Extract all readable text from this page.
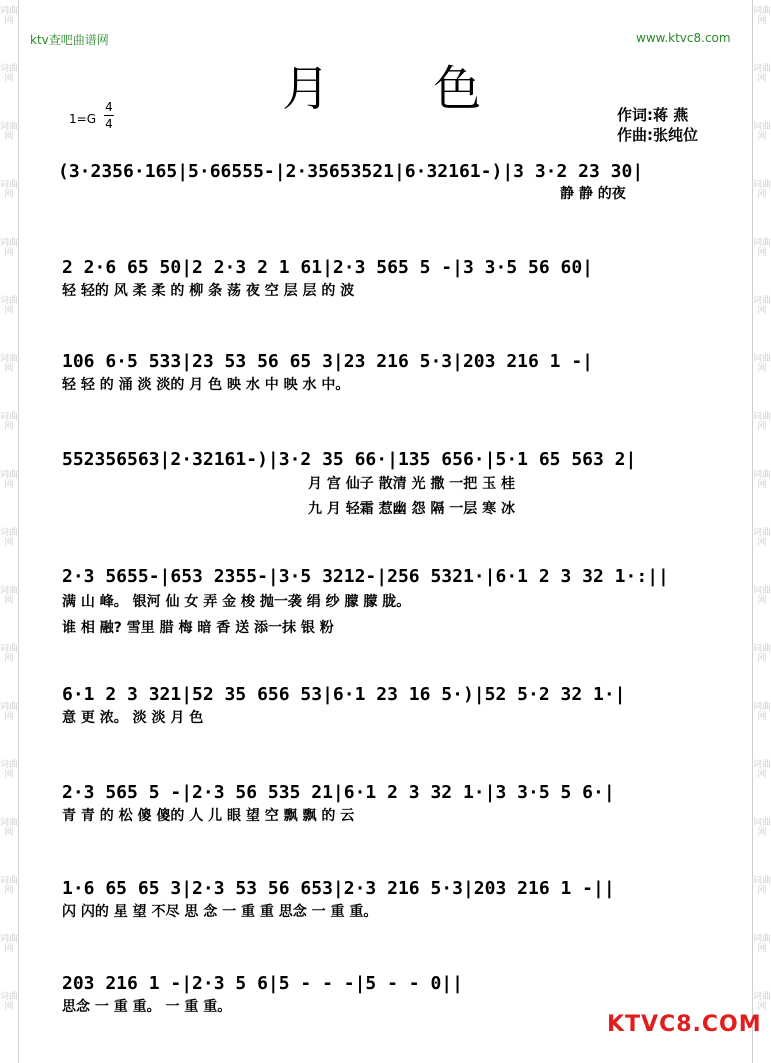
词曲网
词曲网
词曲网
词曲网
词曲网
词曲网
词曲网
词曲网
词曲网
词曲网
词曲网
词曲网
词曲网
词曲网
词曲网
词曲网
词曲网
词曲网
词曲网
词曲网
词曲网
词曲网
词曲网
词曲网
词曲网
词曲网
词曲网
词曲网
词曲网
词曲网
词曲网
词曲网
词曲网
词曲网
词曲网
词曲网
ktv查吧曲谱网	www.ktvc8.com
月 色
1=G
4
4	作词:蒋 燕
作曲:张纯位
(3·2356·165|5·66555-|2·35653521|6·32161-)|3 3·2 23 30|
静 静 的夜
2 2·6 65 50|2 2·3 2 1 61|2·3 565 5 -|3 3·5 56 60|
轻 轻的 风 柔 柔 的 柳 条 荡 夜 空 层 层 的 波
106 6·5 533|23 53 56 65 3|23 216 5·3|203 216 1 -|
轻 轻 的 涌 淡 淡的 月 色 映 水 中 映 水 中。
552356563|2·32161-)|3·2 35 66·|135 656·|5·1 65 563 2|
月 宫 仙子 散清 光 撒 一把 玉 桂
九 月 轻霜 惹幽 怨 隔 一层 寒 冰
2·3 5655-|653 2355-|3·5 3212-|256 5321·|6·1 2 3 32 1·:||
满 山 峰。 银河 仙 女 弄 金 梭 抛一袭 绢 纱 朦 朦 胧。
谁 相 融? 雪里 腊 梅 暗 香 送 添一抹 银 粉
6·1 2 3 321|52 35 656 53|6·1 23 16 5·)|52 5·2 32 1·|
意 更 浓。 淡 淡 月 色
2·3 565 5 -|2·3 56 535 21|6·1 2 3 32 1·|3 3·5 5 6·|
青 青 的 松 傻 傻的 人 儿 眼 望 空 飘 飘 的 云
1·6 65 65 3|2·3 53 56 653|2·3 216 5·3|203 216 1 -||
闪 闪的 星 望 不尽 思 念 一 重 重 思念 一 重 重。
203 216 1 -|2·3 5 6|5 - - -|5 - - 0||
思念 一 重 重。 一 重 重。
KTVC8.COM
